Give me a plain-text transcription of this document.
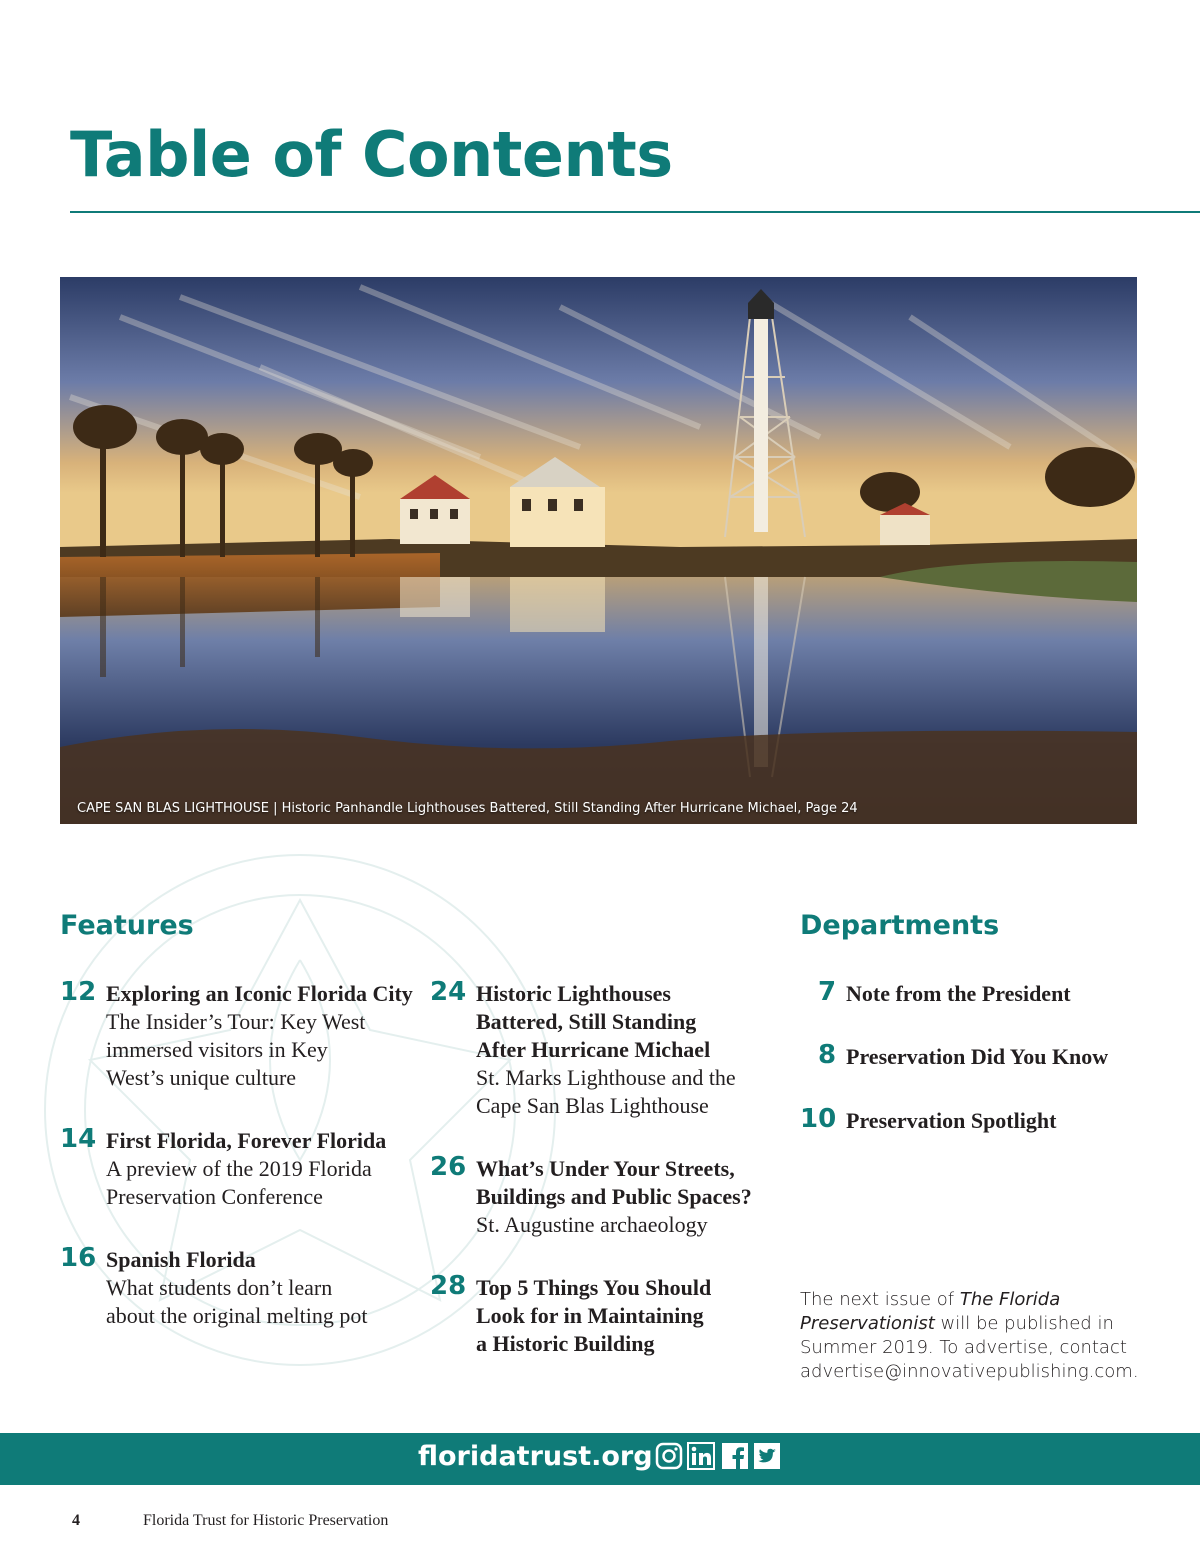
Table of Contents
CAPE SAN BLAS LIGHTHOUSE | Historic Panhandle Lighthouses Battered, Still Standing After Hurricane Michael, Page 24
Features
12 Exploring an Iconic Florida City
The Insider’s Tour: Key West
immersed visitors in Key
West’s unique culture
14 First Florida, Forever Florida
A preview of the 2019 Florida
Preservation Conference
16 Spanish Florida
What students don’t learn
about the original melting pot
24 Historic Lighthouses
Battered, Still Standing
After Hurricane Michael
St. Marks Lighthouse and the
Cape San Blas Lighthouse
26 What’s Under Your Streets,
Buildings and Public Spaces?
St. Augustine archaeology
28 Top 5 Things You Should
Look for in Maintaining
a Historic Building
Departments
7 Note from the President
8 Preservation Did You Know
10 Preservation Spotlight

The next issue of The Florida Preservationist will be published in Summer 2019. To advertise, contact advertise@innovativepublishing.com.

floridatrust.org
4	Florida Trust for Historic Preservation
